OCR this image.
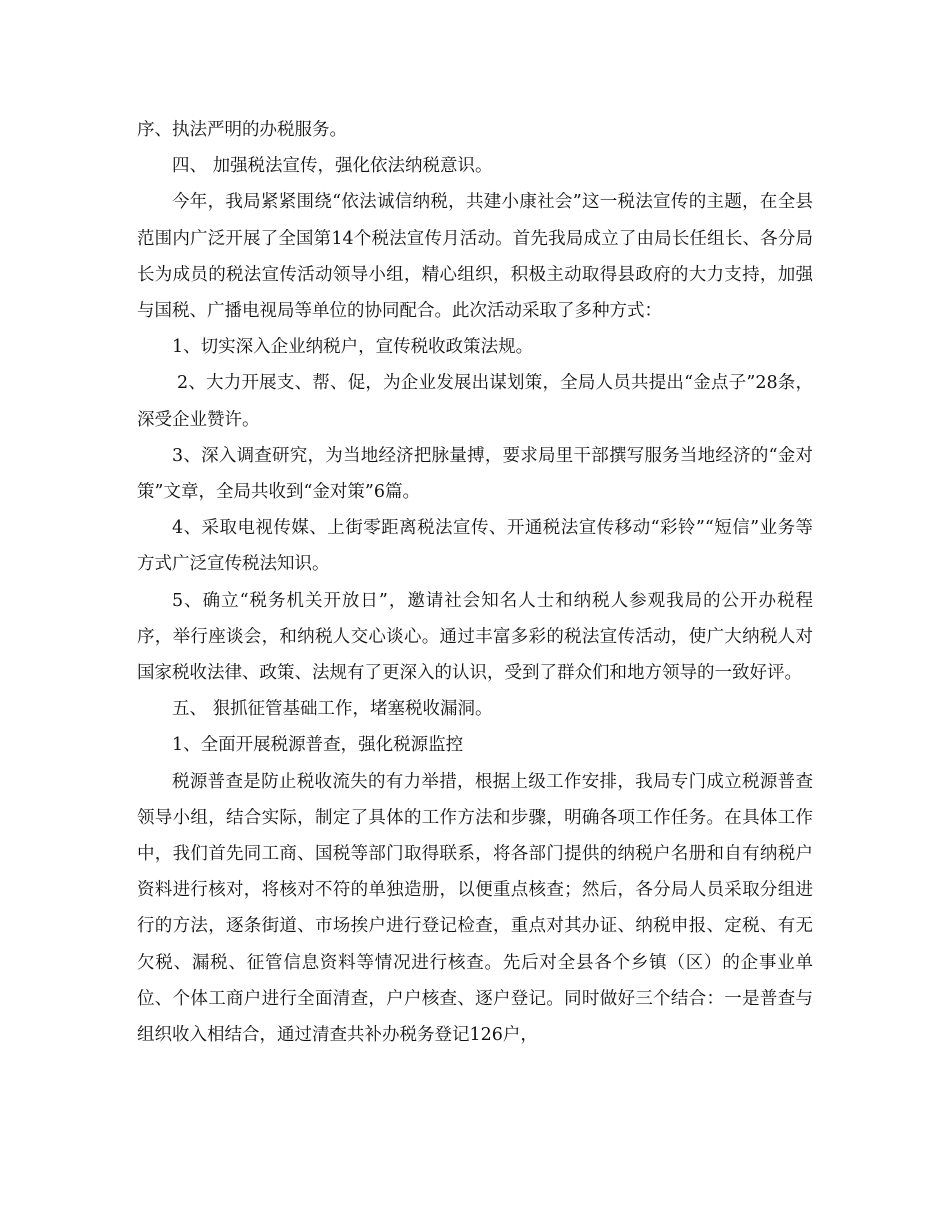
序、执法严明的办税服务。

四、 加强税法宣传，强化依法纳税意识。

今年，我局紧紧围绕“依法诚信纳税，共建小康社会”这一税法宣传的主题，在全县范围内广泛开展了全国第14个税法宣传月活动。首先我局成立了由局长任组长、各分局长为成员的税法宣传活动领导小组，精心组织，积极主动取得县政府的大力支持，加强与国税、广播电视局等单位的协同配合。此次活动采取了多种方式：

1、切实深入企业纳税户，宣传税收政策法规。

2、大力开展支、帮、促，为企业发展出谋划策，全局人员共提出“金点子”28条，深受企业赞许。

3、深入调查研究，为当地经济把脉量搏，要求局里干部撰写服务当地经济的“金对策”文章，全局共收到“金对策”6篇。

4、采取电视传媒、上街零距离税法宣传、开通税法宣传移动“彩铃”“短信”业务等方式广泛宣传税法知识。

5、确立“税务机关开放日”，邀请社会知名人士和纳税人参观我局的公开办税程序，举行座谈会，和纳税人交心谈心。通过丰富多彩的税法宣传活动，使广大纳税人对国家税收法律、政策、法规有了更深入的认识，受到了群众们和地方领导的一致好评。

五、 狠抓征管基础工作，堵塞税收漏洞。

1、全面开展税源普查，强化税源监控

税源普查是防止税收流失的有力举措，根据上级工作安排，我局专门成立税源普查领导小组，结合实际，制定了具体的工作方法和步骤，明确各项工作任务。在具体工作中，我们首先同工商、国税等部门取得联系，将各部门提供的纳税户名册和自有纳税户资料进行核对，将核对不符的单独造册，以便重点核查；然后，各分局人员采取分组进行的方法，逐条街道、市场挨户进行登记检查，重点对其办证、纳税申报、定税、有无欠税、漏税、征管信息资料等情况进行核查。先后对全县各个乡镇（区）的企事业单位、个体工商户进行全面清查，户户核查、逐户登记。同时做好三个结合：一是普查与组织收入相结合，通过清查共补办税务登记126户，
